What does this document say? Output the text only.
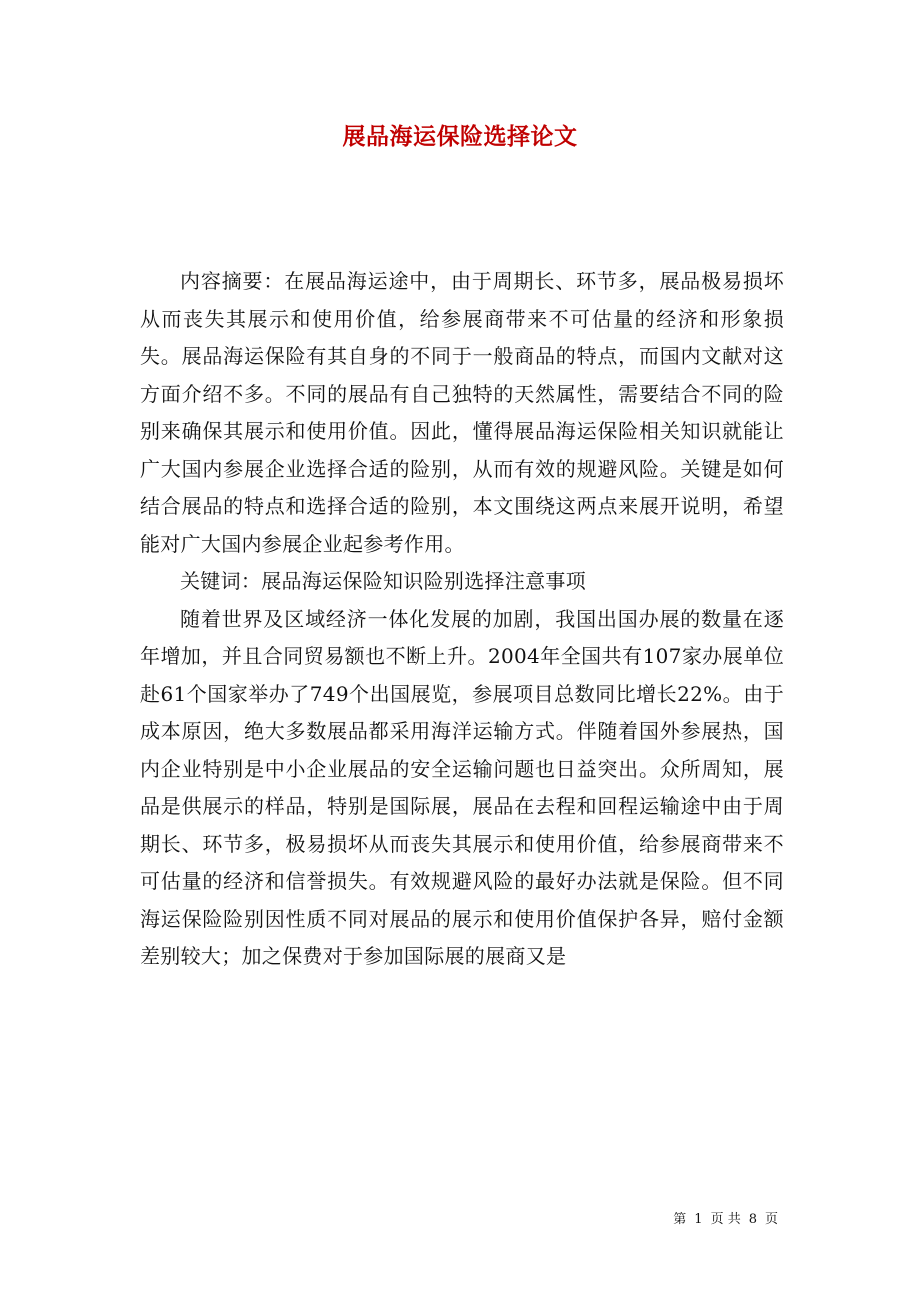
展品海运保险选择论文

内容摘要：在展品海运途中，由于周期长、环节多，展品极易损坏从而丧失其展示和使用价值，给参展商带来不可估量的经济和形象损失。展品海运保险有其自身的不同于一般商品的特点，而国内文献对这方面介绍不多。不同的展品有自己独特的天然属性，需要结合不同的险别来确保其展示和使用价值。因此，懂得展品海运保险相关知识就能让广大国内参展企业选择合适的险别，从而有效的规避风险。关键是如何结合展品的特点和选择合适的险别，本文围绕这两点来展开说明，希望能对广大国内参展企业起参考作用。

关键词：展品海运保险知识险别选择注意事项

随着世界及区域经济一体化发展的加剧，我国出国办展的数量在逐年增加，并且合同贸易额也不断上升。2004年全国共有107家办展单位赴61个国家举办了749个出国展览，参展项目总数同比增长22%。由于成本原因，绝大多数展品都采用海洋运输方式。伴随着国外参展热，国内企业特别是中小企业展品的安全运输问题也日益突出。众所周知，展品是供展示的样品，特别是国际展，展品在去程和回程运输途中由于周期长、环节多，极易损坏从而丧失其展示和使用价值，给参展商带来不可估量的经济和信誉损失。有效规避风险的最好办法就是保险。但不同海运保险险别因性质不同对展品的展示和使用价值保护各异，赔付金额差别较大；加之保费对于参加国际展的展商又是

第 1 页 共 8 页
